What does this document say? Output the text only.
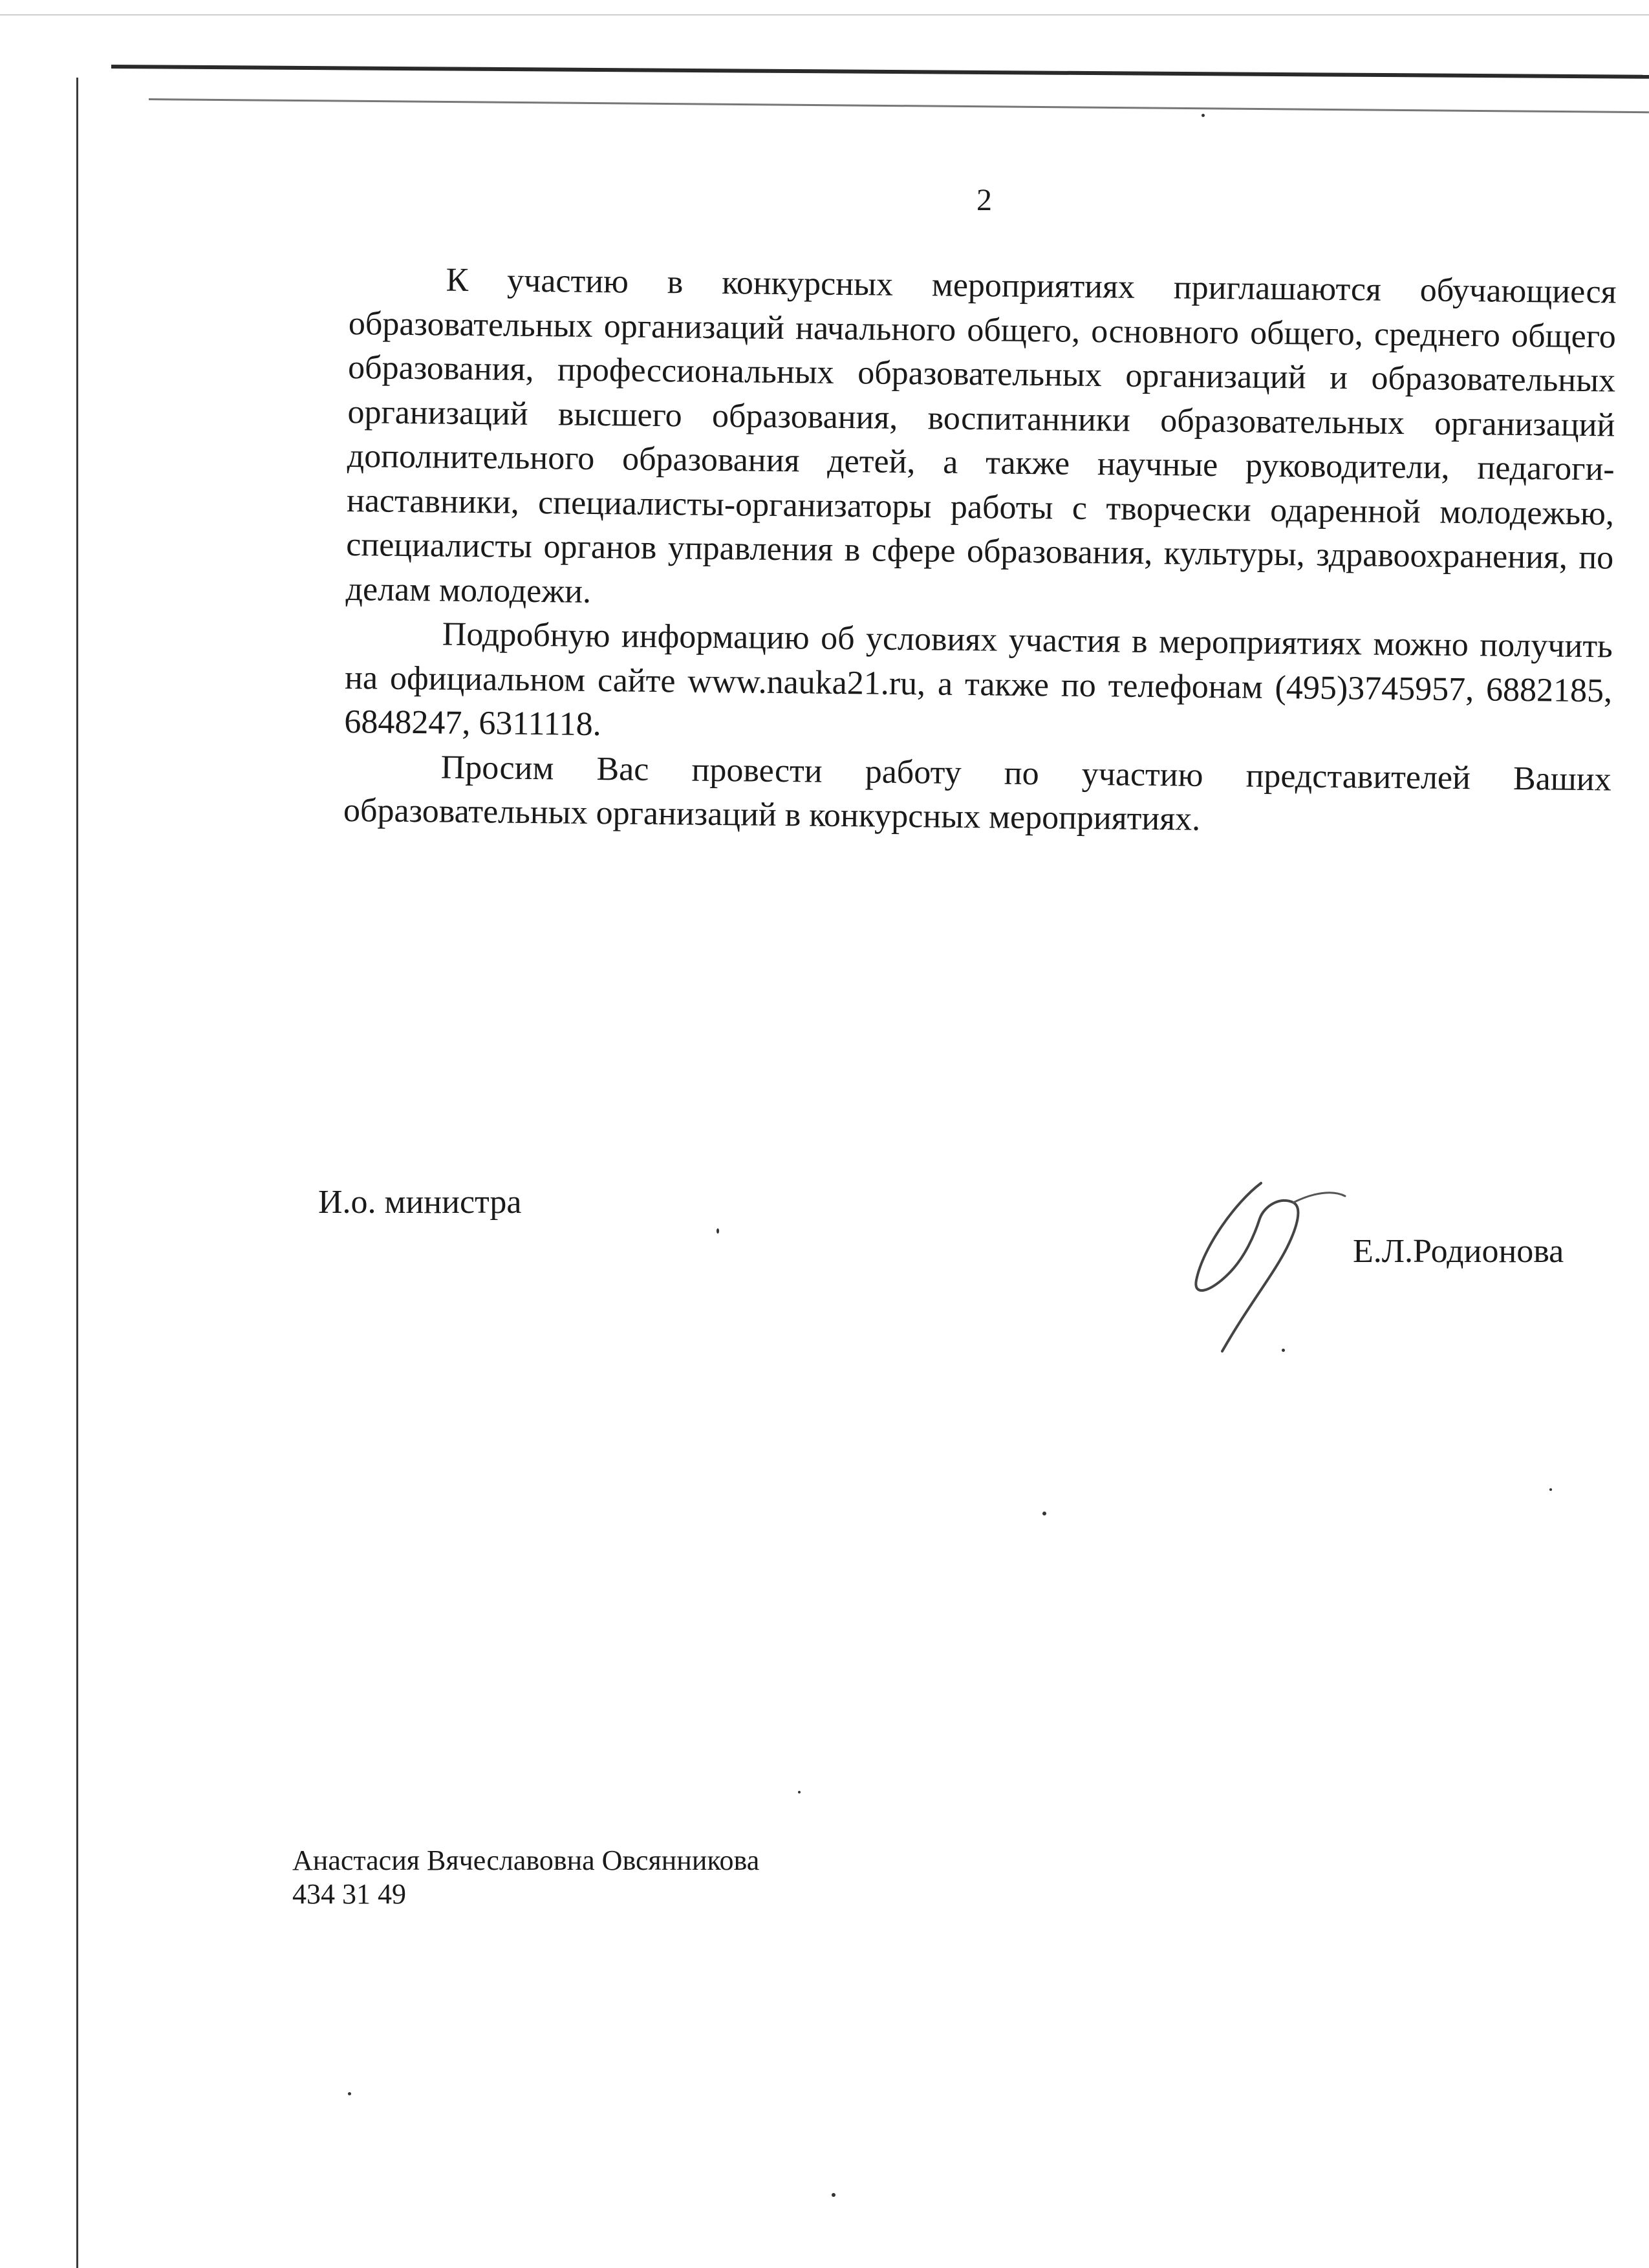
2

К участию в конкурсных мероприятиях приглашаются обучающиеся образовательных организаций начального общего, основного общего, среднего общего образования, профессиональных образовательных организаций и образовательных организаций высшего образования, воспитанники образовательных организаций дополнительного образования детей, а также научные руководители, педагоги-наставники, специалисты-организаторы работы с творчески одаренной молодежью, специалисты органов управления в сфере образования, культуры, здравоохранения, по делам молодежи.

Подробную информацию об условиях участия в мероприятиях можно получить на официальном сайте www.nauka21.ru, а также по телефонам (495)3745957, 6882185, 6848247, 6311118.

Просим Вас провести работу по участию представителей Ваших образовательных организаций в конкурсных мероприятиях.

И.о. министра
Е.Л.Родионова
Анастасия Вячеславовна Овсянникова
434 31 49
